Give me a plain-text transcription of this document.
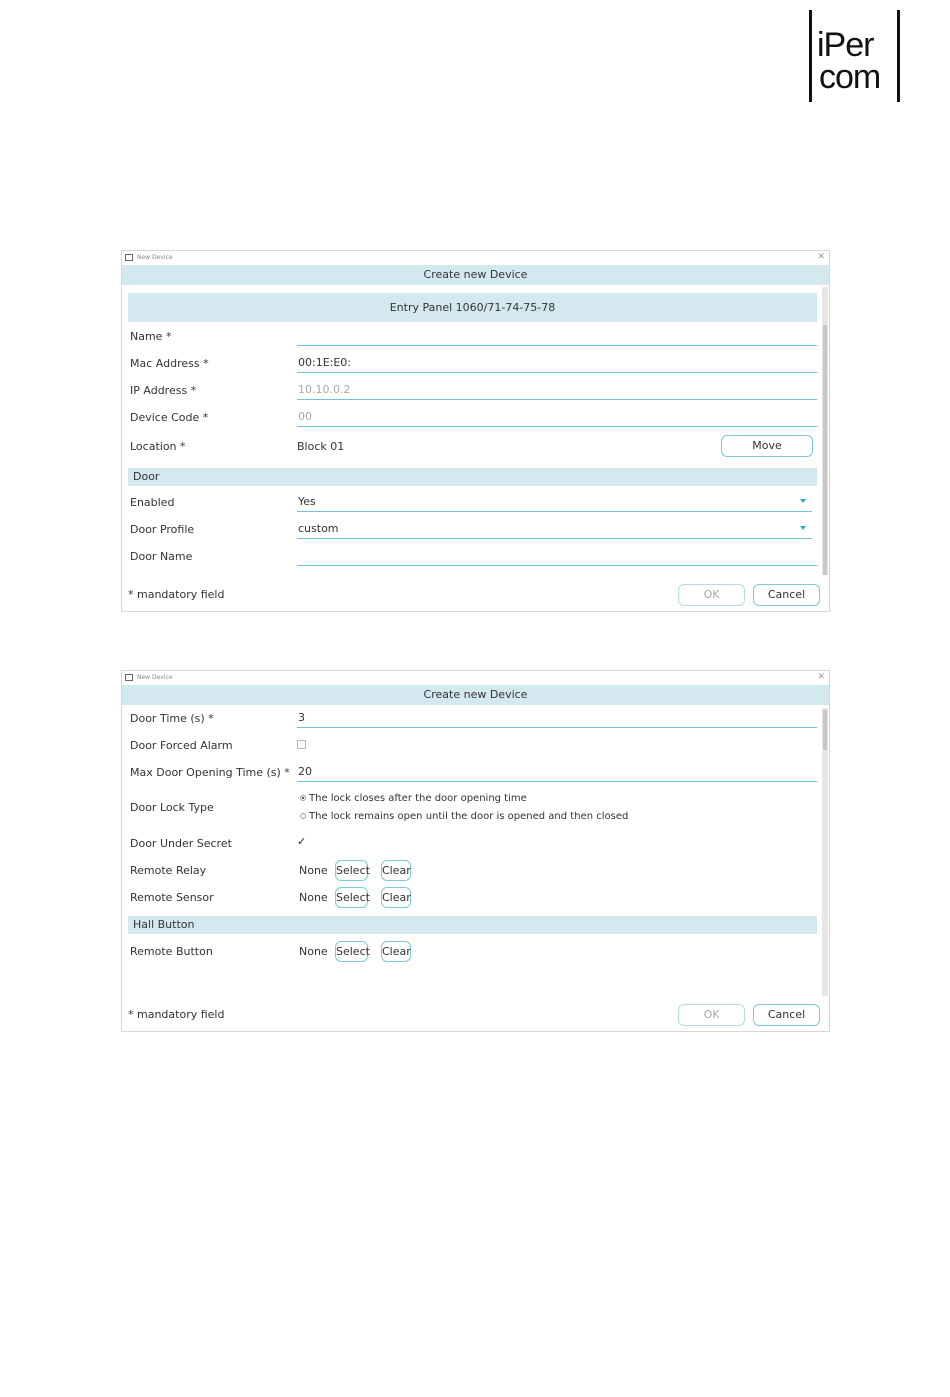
iPer
com
New Device	✕
Create new Device
Entry Panel 1060/71-74-75-78
Name *
Mac Address *	00:1E:E0:
IP Address *	10.10.0.2
Device Code *	00
Location *	Block 01	Move
Door
Enabled	Yes
Door Profile	custom
Door Name
* mandatory field	OK	Cancel
New Device	✕
Create new Device
Door Time (s) *	3
Door Forced Alarm
Max Door Opening Time (s) * 20
Door Lock Type
The lock closes after the door opening time
The lock remains open until the door is opened and then closed
Door Under Secret	✓
Remote Relay	None Select Clear
Remote Sensor	None Select Clear
Hall Button
Remote Button	None Select Clear
* mandatory field	OK	Cancel
